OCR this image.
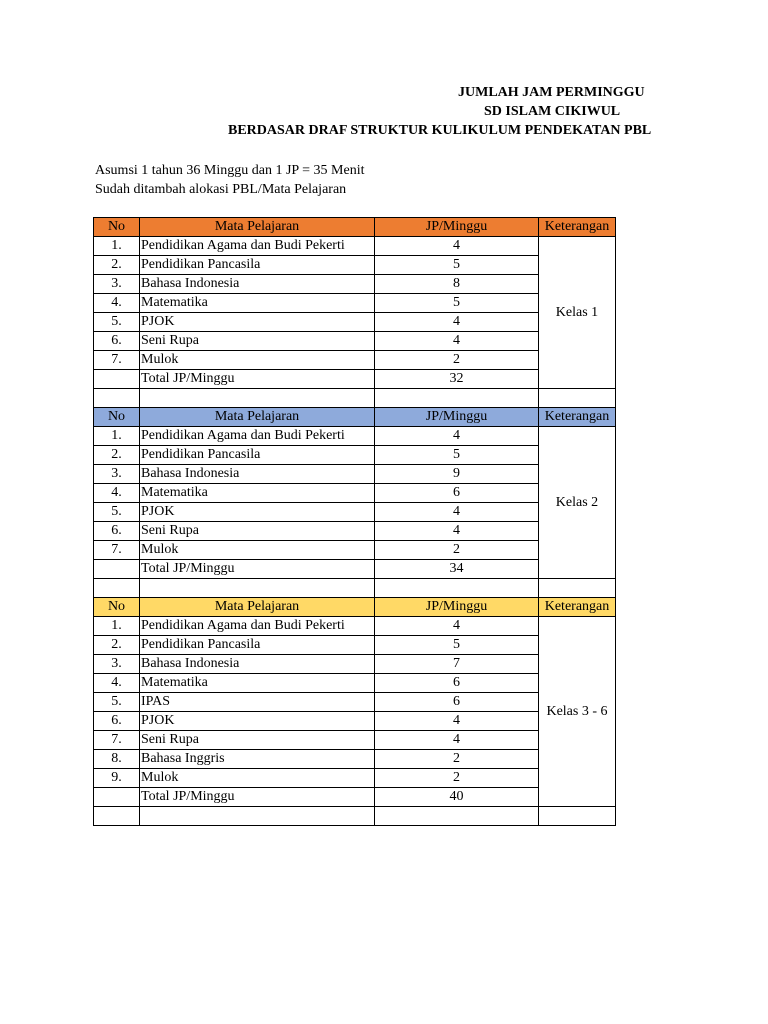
JUMLAH JAM PERMINGGU
SD ISLAM CIKIWUL
BERDASAR DRAF STRUKTUR KULIKULUM PENDEKATAN PBL
Asumsi 1 tahun 36 Minggu dan 1 JP = 35 Menit
Sudah ditambah alokasi PBL/Mata Pelajaran
No	Mata Pelajaran	JP/Minggu	Keterangan
1.	Pendidikan Agama dan Budi Pekerti	4	Kelas 1
2.	Pendidikan Pancasila	5	
3.	Bahasa Indonesia	8	
4.	Matematika	5	
5.	PJOK	4	
6.	Seni Rupa	4	
7.	Mulok	2	
	Total JP/Minggu	32	

No	Mata Pelajaran	JP/Minggu	Keterangan
1.	Pendidikan Agama dan Budi Pekerti	4	Kelas 2
2.	Pendidikan Pancasila	5	
3.	Bahasa Indonesia	9	
4.	Matematika	6	
5.	PJOK	4	
6.	Seni Rupa	4	
7.	Mulok	2	
	Total JP/Minggu	34	

No	Mata Pelajaran	JP/Minggu	Keterangan
1.	Pendidikan Agama dan Budi Pekerti	4	Kelas 3 - 6
2.	Pendidikan Pancasila	5	
3.	Bahasa Indonesia	7	
4.	Matematika	6	
5.	IPAS	6	
6.	PJOK	4	
7.	Seni Rupa	4	
8.	Bahasa Inggris	2	
9.	Mulok	2	
	Total JP/Minggu	40	
